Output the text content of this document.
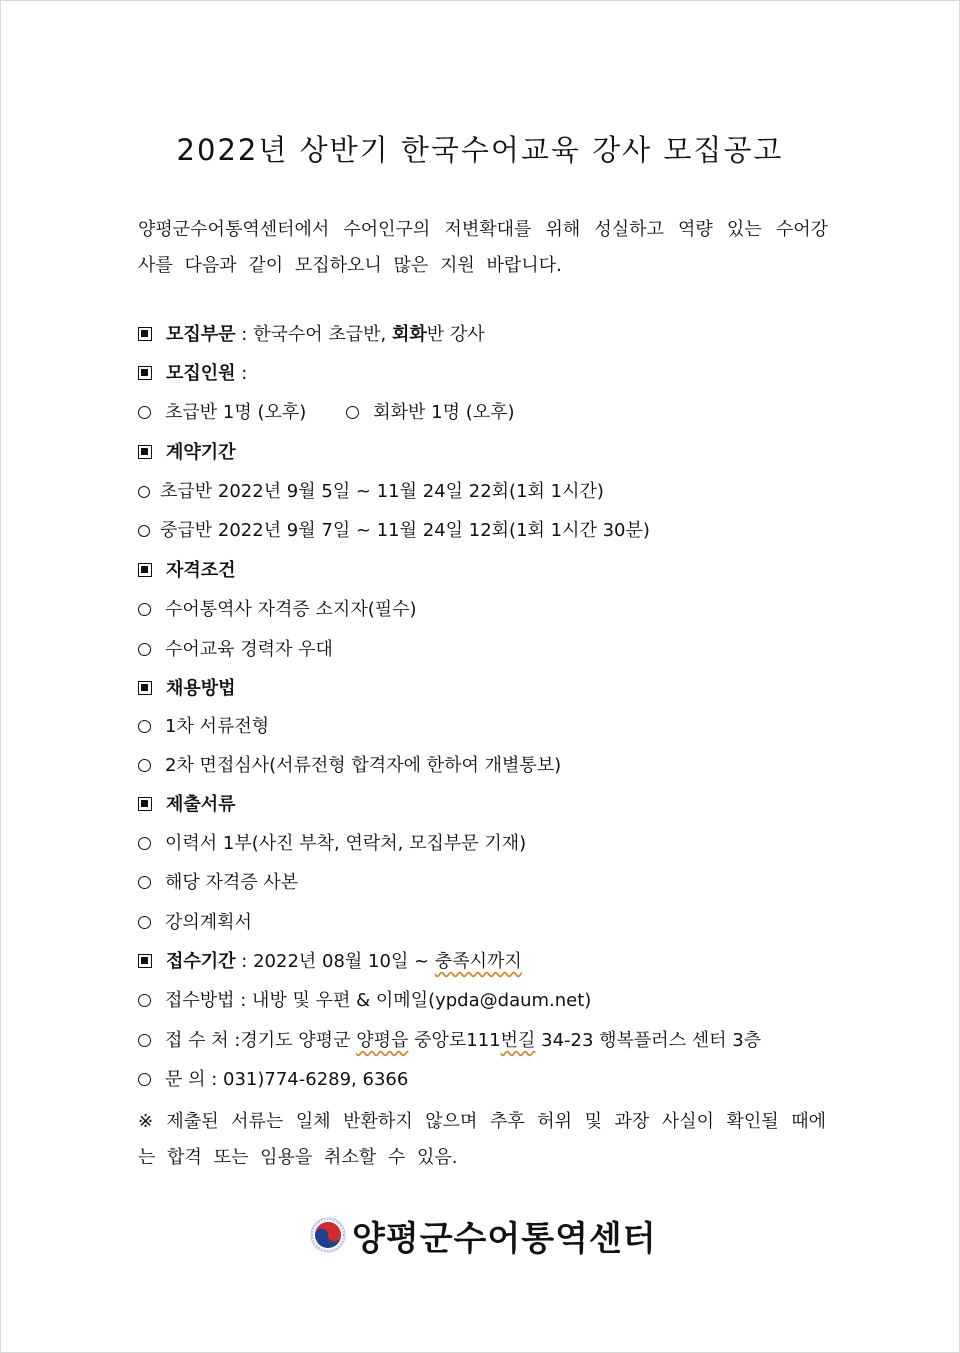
2022년 상반기 한국수어교육 강사 모집공고
양평군수어통역센터에서 수어인구의 저변확대를 위해 성실하고 역량 있는 수어강사를 다음과 같이 모집하오니 많은 지원 바랍니다.
모집부문 : 한국수어 초급반, 회화반 강사
모집인원 :
초급반 1명 (오후)	회화반 1명 (오후)
계약기간
초급반 2022년 9월 5일 ~ 11월 24일 22회(1회 1시간)
중급반 2022년 9월 7일 ~ 11월 24일 12회(1회 1시간 30분)
자격조건
수어통역사 자격증 소지자(필수)
수어교육 경력자 우대
채용방법
1차 서류전형
2차 면접심사(서류전형 합격자에 한하여 개별통보)
제출서류
이력서 1부(사진 부착, 연락처, 모집부문 기재)
해당 자격증 사본
강의계획서
접수기간 : 2022년 08월 10일 ~ 충족시까지
접수방법 : 내방 및 우편 & 이메일(ypda@daum.net)
접 수 처 :경기도 양평군 양평읍 중앙로111번길 34-23 행복플러스 센터 3층
문 의 : 031)774-6289, 6366
※ 제출된 서류는 일체 반환하지 않으며 추후 허위 및 과장 사실이 확인될 때에는 합격 또는 임용을 취소할 수 있음.
양평군수어통역센터
